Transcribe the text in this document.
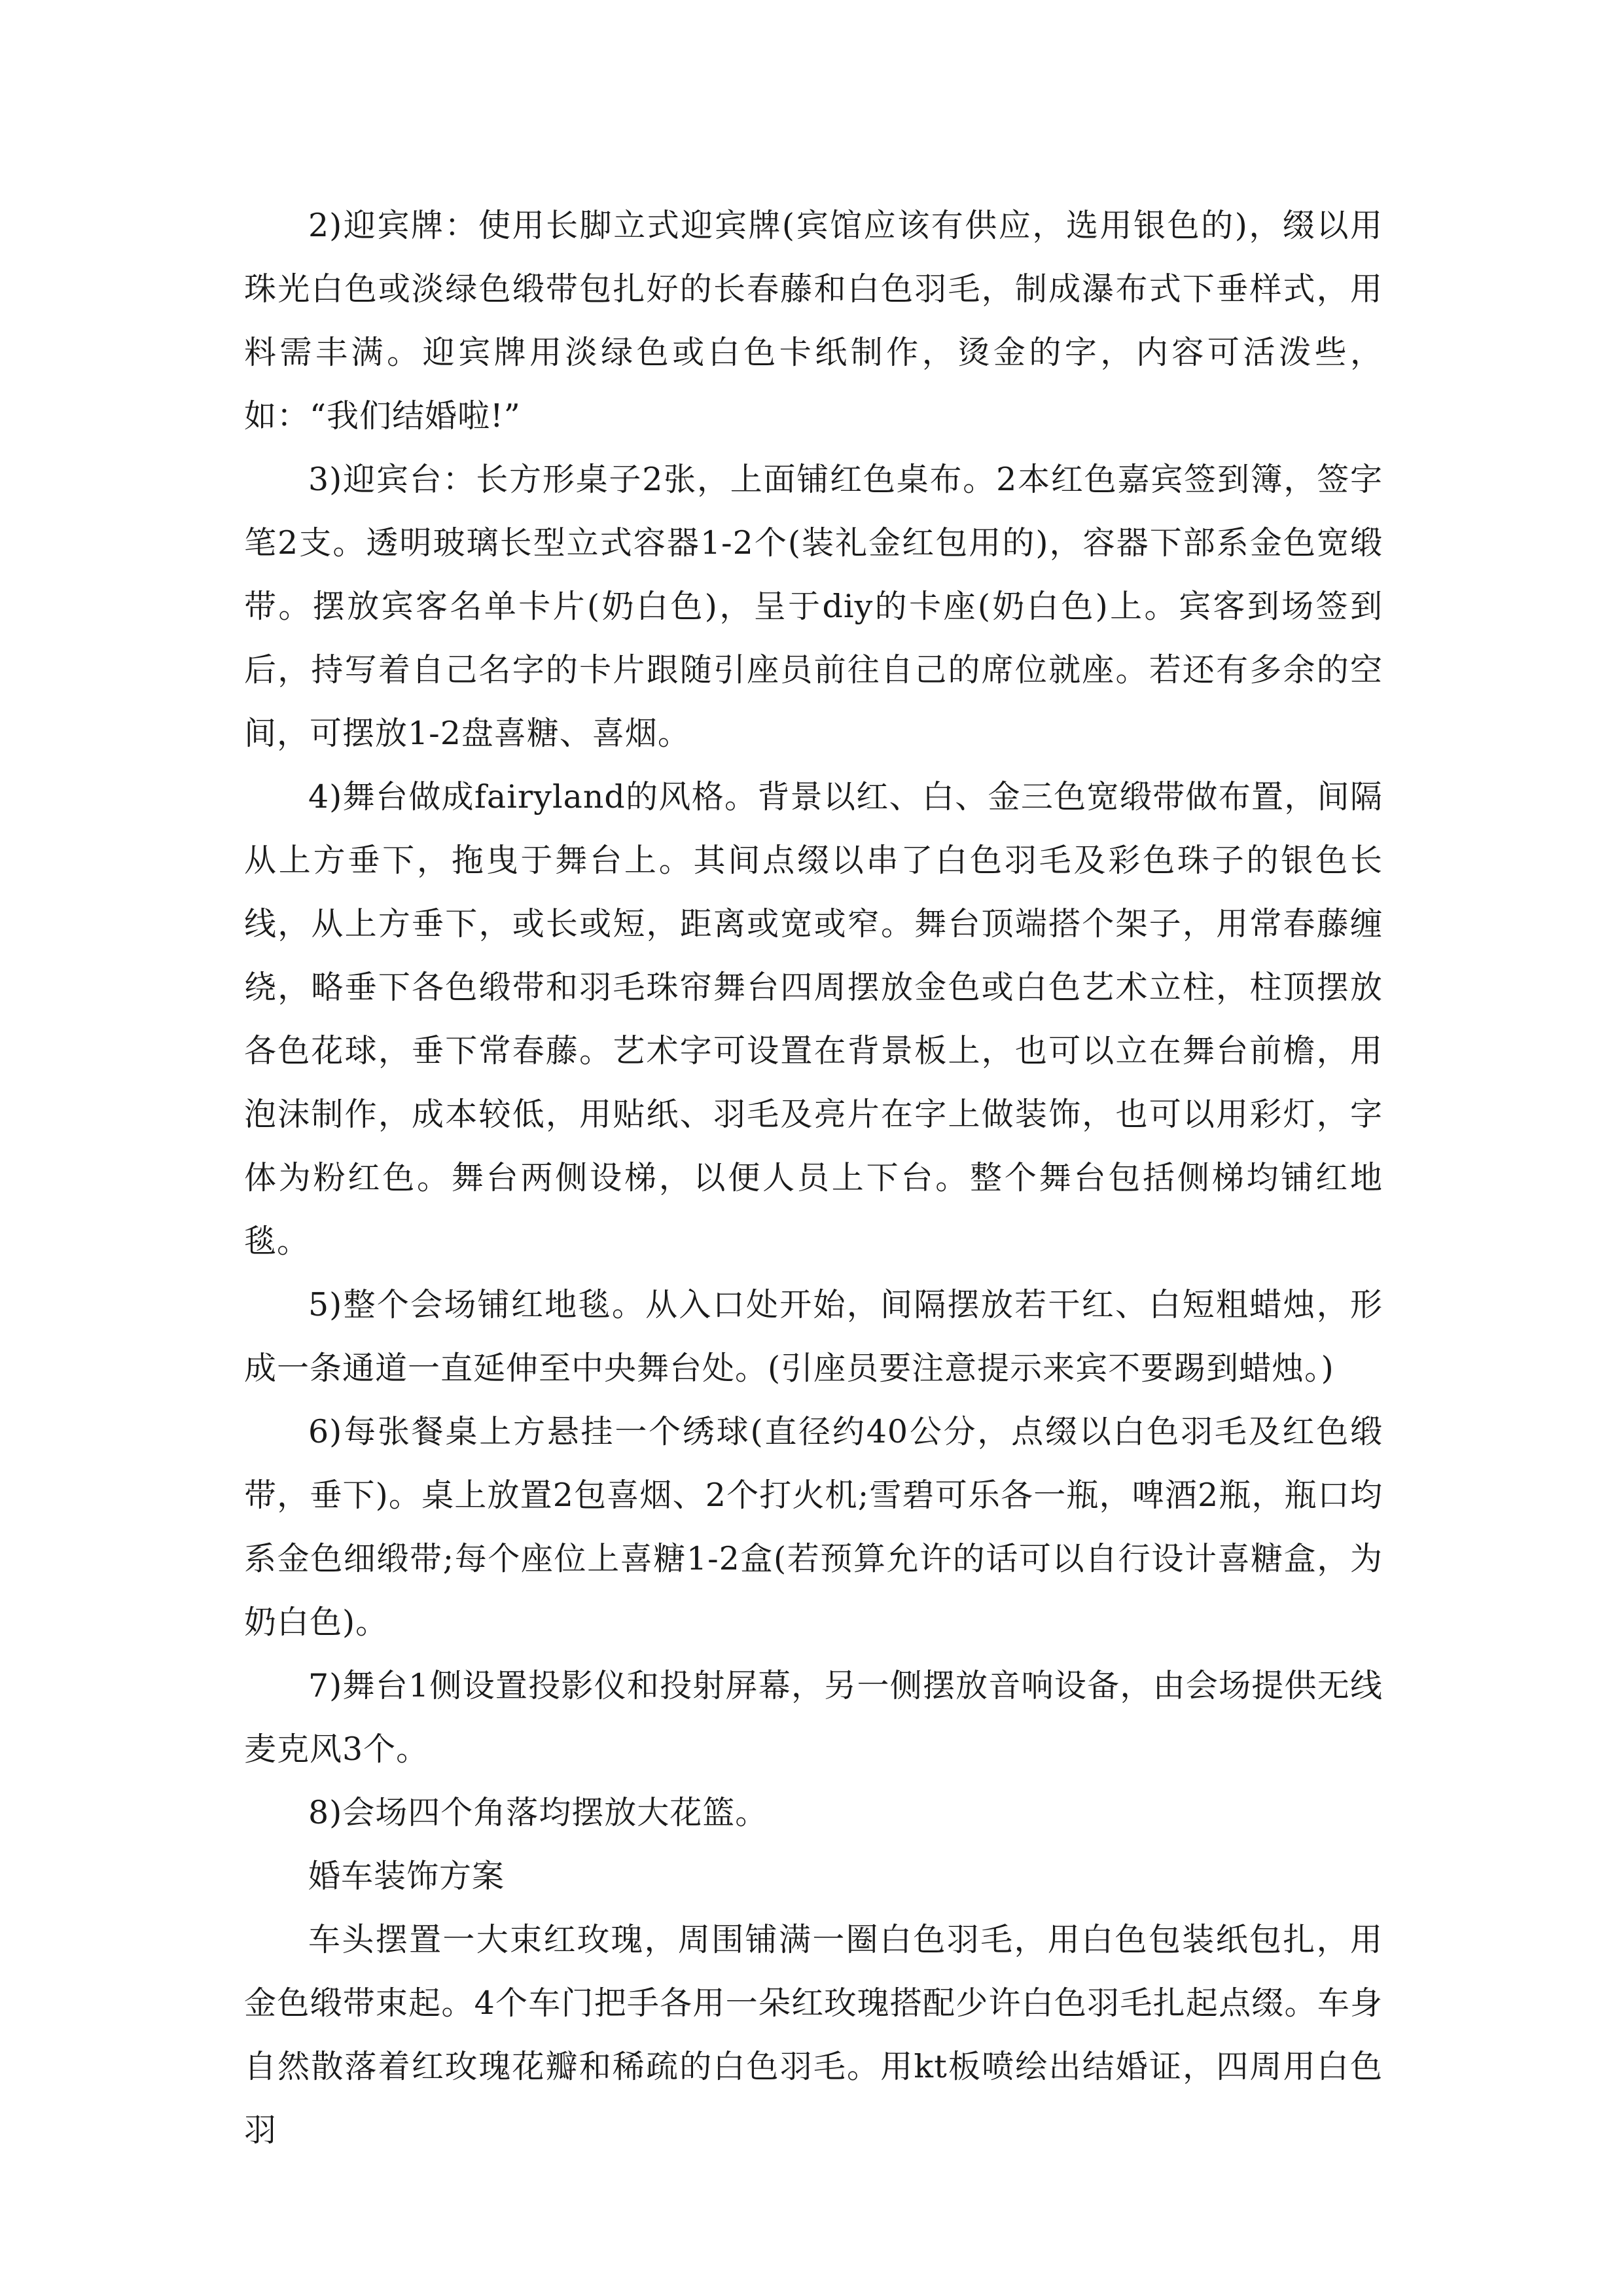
2)迎宾牌：使用长脚立式迎宾牌(宾馆应该有供应，选用银色的)，缀以用珠光白色或淡绿色缎带包扎好的长春藤和白色羽毛，制成瀑布式下垂样式，用料需丰满。迎宾牌用淡绿色或白色卡纸制作，烫金的字，内容可活泼些，如：“我们结婚啦!”

3)迎宾台：长方形桌子2张，上面铺红色桌布。2本红色嘉宾签到簿，签字笔2支。透明玻璃长型立式容器1-2个(装礼金红包用的)，容器下部系金色宽缎带。摆放宾客名单卡片(奶白色)，呈于diy的卡座(奶白色)上。宾客到场签到后，持写着自己名字的卡片跟随引座员前往自己的席位就座。若还有多余的空间，可摆放1-2盘喜糖、喜烟。

4)舞台做成fairyland的风格。背景以红、白、金三色宽缎带做布置，间隔从上方垂下，拖曳于舞台上。其间点缀以串了白色羽毛及彩色珠子的银色长线，从上方垂下，或长或短，距离或宽或窄。舞台顶端搭个架子，用常春藤缠绕，略垂下各色缎带和羽毛珠帘舞台四周摆放金色或白色艺术立柱，柱顶摆放各色花球，垂下常春藤。艺术字可设置在背景板上，也可以立在舞台前檐，用泡沫制作，成本较低，用贴纸、羽毛及亮片在字上做装饰，也可以用彩灯，字体为粉红色。舞台两侧设梯，以便人员上下台。整个舞台包括侧梯均铺红地毯。

5)整个会场铺红地毯。从入口处开始，间隔摆放若干红、白短粗蜡烛，形成一条通道一直延伸至中央舞台处。(引座员要注意提示来宾不要踢到蜡烛。)

6)每张餐桌上方悬挂一个绣球(直径约40公分，点缀以白色羽毛及红色缎带，垂下)。桌上放置2包喜烟、2个打火机;雪碧可乐各一瓶，啤酒2瓶，瓶口均系金色细缎带;每个座位上喜糖1-2盒(若预算允许的话可以自行设计喜糖盒，为奶白色)。

7)舞台1侧设置投影仪和投射屏幕，另一侧摆放音响设备，由会场提供无线麦克风3个。

8)会场四个角落均摆放大花篮。

婚车装饰方案

车头摆置一大束红玫瑰，周围铺满一圈白色羽毛，用白色包装纸包扎，用金色缎带束起。4个车门把手各用一朵红玫瑰搭配少许白色羽毛扎起点缀。车身自然散落着红玫瑰花瓣和稀疏的白色羽毛。用kt板喷绘出结婚证，四周用白色羽
